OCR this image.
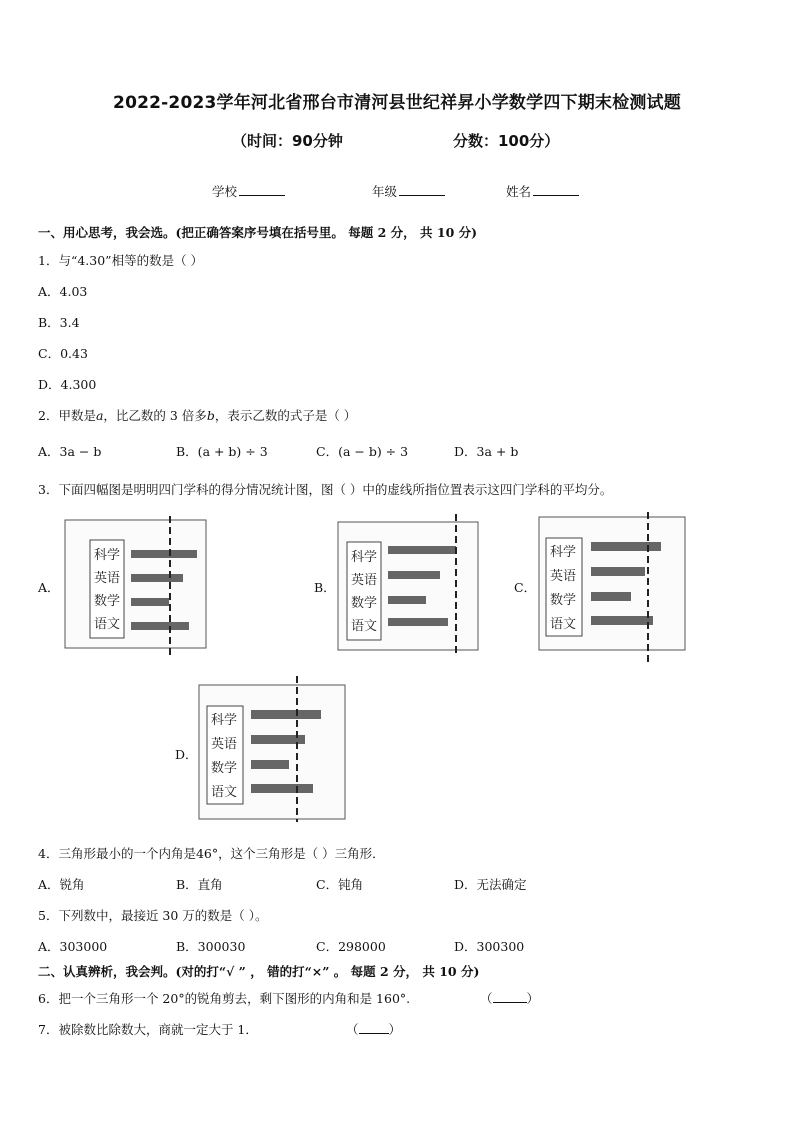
2022-2023学年河北省邢台市清河县世纪祥昇小学数学四下期末检测试题
（时间：90分钟	分数：100分）
学校	年级	姓名
一、用心思考，我会选。(把正确答案序号填在括号里。 每题 2 分， 共 10 分)
1．与“4.30”相等的数是（ ）
A．4.03
B．3.4
C．0.43
D．4.300
2．甲数是a，比乙数的 3 倍多b，表示乙数的式子是（ ）
A．3a − b	B．(a + b) ÷ 3	C．(a − b) ÷ 3	D．3a + b
3．下面四幅图是明明四门学科的得分情况统计图，图（ ）中的虚线所指位置表示这四门学科的平均分。
A．
科学
英语
数学
语文
B．
科学
英语
数学
语文
C．
科学
英语
数学
语文
D．
科学
英语
数学
语文
4．三角形最小的一个内角是46°，这个三角形是（ ）三角形．
A．锐角	B．直角	C．钝角	D．无法确定
5．下列数中，最接近 30 万的数是（ ）。
A．303000	B．300030	C．298000	D．300300
二、认真辨析，我会判。(对的打“√ ” ， 错的打“×” 。 每题 2 分， 共 10 分)
6．把一个三角形一个 20°的锐角剪去，剩下图形的内角和是 160°.	（	）
7．被除数比除数大，商就一定大于 1．	（ ）
